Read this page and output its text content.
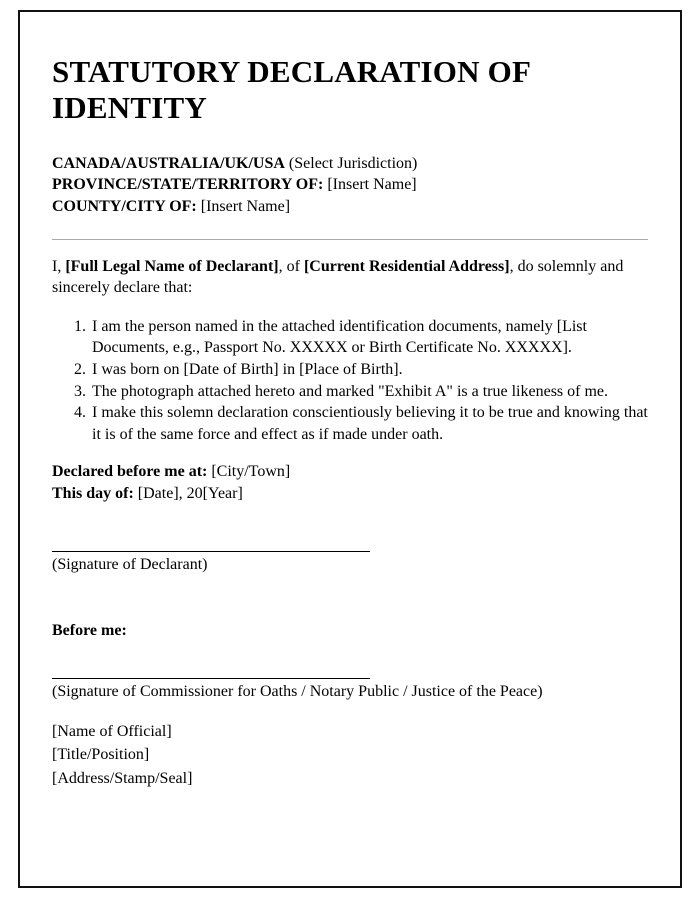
STATUTORY DECLARATION OF IDENTITY
CANADA/AUSTRALIA/UK/USA (Select Jurisdiction)
PROVINCE/STATE/TERRITORY OF: [Insert Name]
COUNTY/CITY OF: [Insert Name]

I, [Full Legal Name of Declarant], of [Current Residential Address], do solemnly and sincerely declare that:

1. I am the person named in the attached identification documents, namely [List Documents, e.g., Passport No. XXXXX or Birth Certificate No. XXXXX].
2. I was born on [Date of Birth] in [Place of Birth].
3. The photograph attached hereto and marked "Exhibit A" is a true likeness of me.
4. I make this solemn declaration conscientiously believing it to be true and knowing that it is of the same force and effect as if made under oath.
Declared before me at: [City/Town]
This day of: [Date], 20[Year]
(Signature of Declarant)
Before me:
(Signature of Commissioner for Oaths / Notary Public / Justice of the Peace)

[Name of Official]

[Title/Position]

[Address/Stamp/Seal]
